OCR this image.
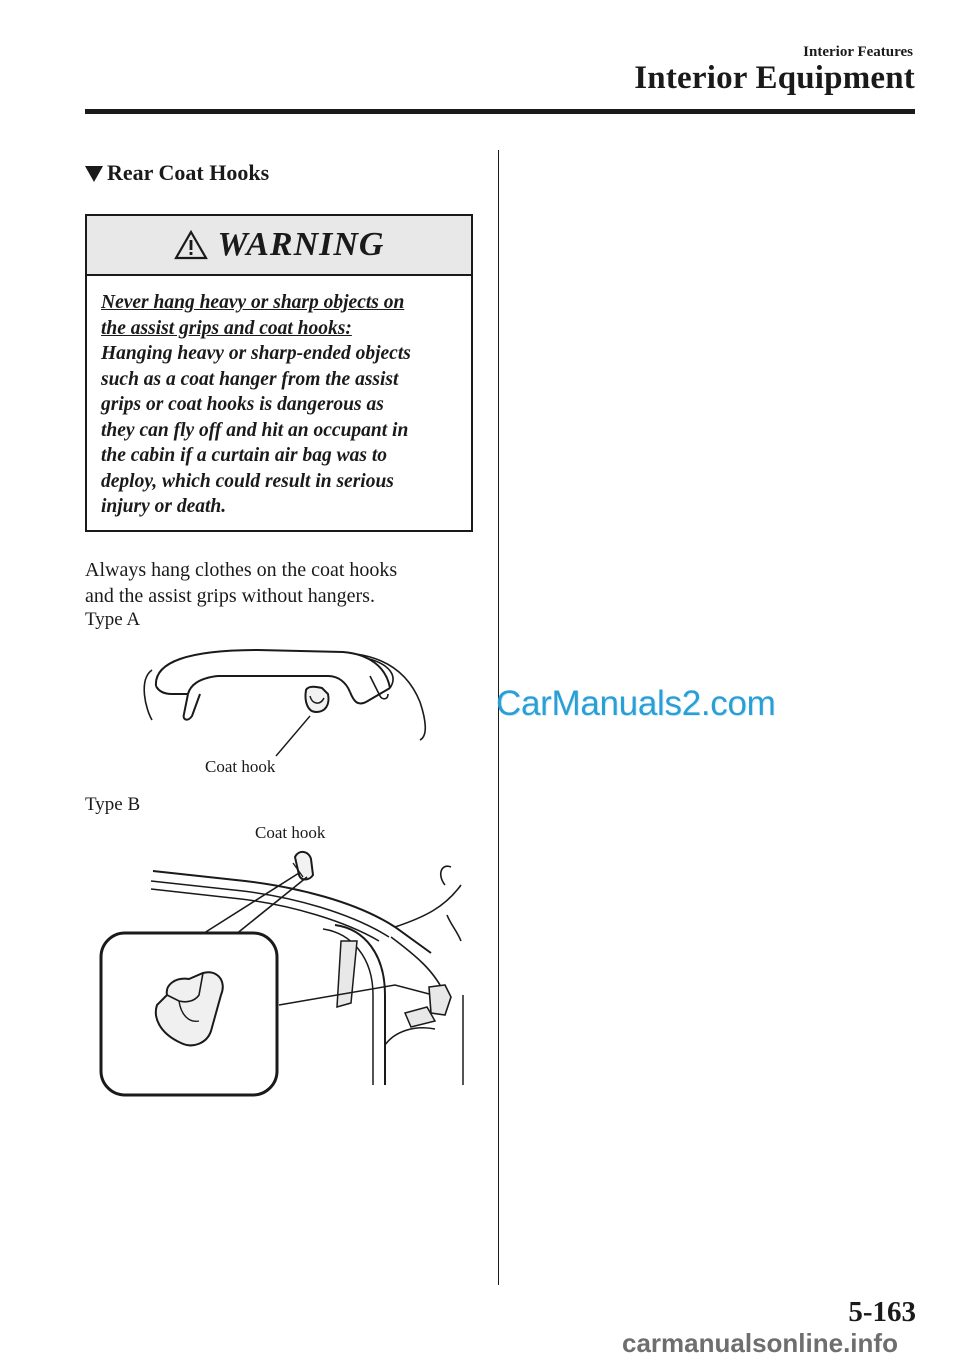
Interior Features
Interior Equipment
Rear Coat Hooks
WARNING
Never hang heavy or sharp objects on
the assist grips and coat hooks:
Hanging heavy or sharp-ended objects
such as a coat hanger from the assist
grips or coat hooks is dangerous as
they can fly off and hit an occupant in
the cabin if a curtain air bag was to
deploy, which could result in serious
injury or death.
Always hang clothes on the coat hooks
and the assist grips without hangers.
Type A
Coat hook
Type B
Coat hook
CarManuals2.com
5-163
carmanualsonline.info
